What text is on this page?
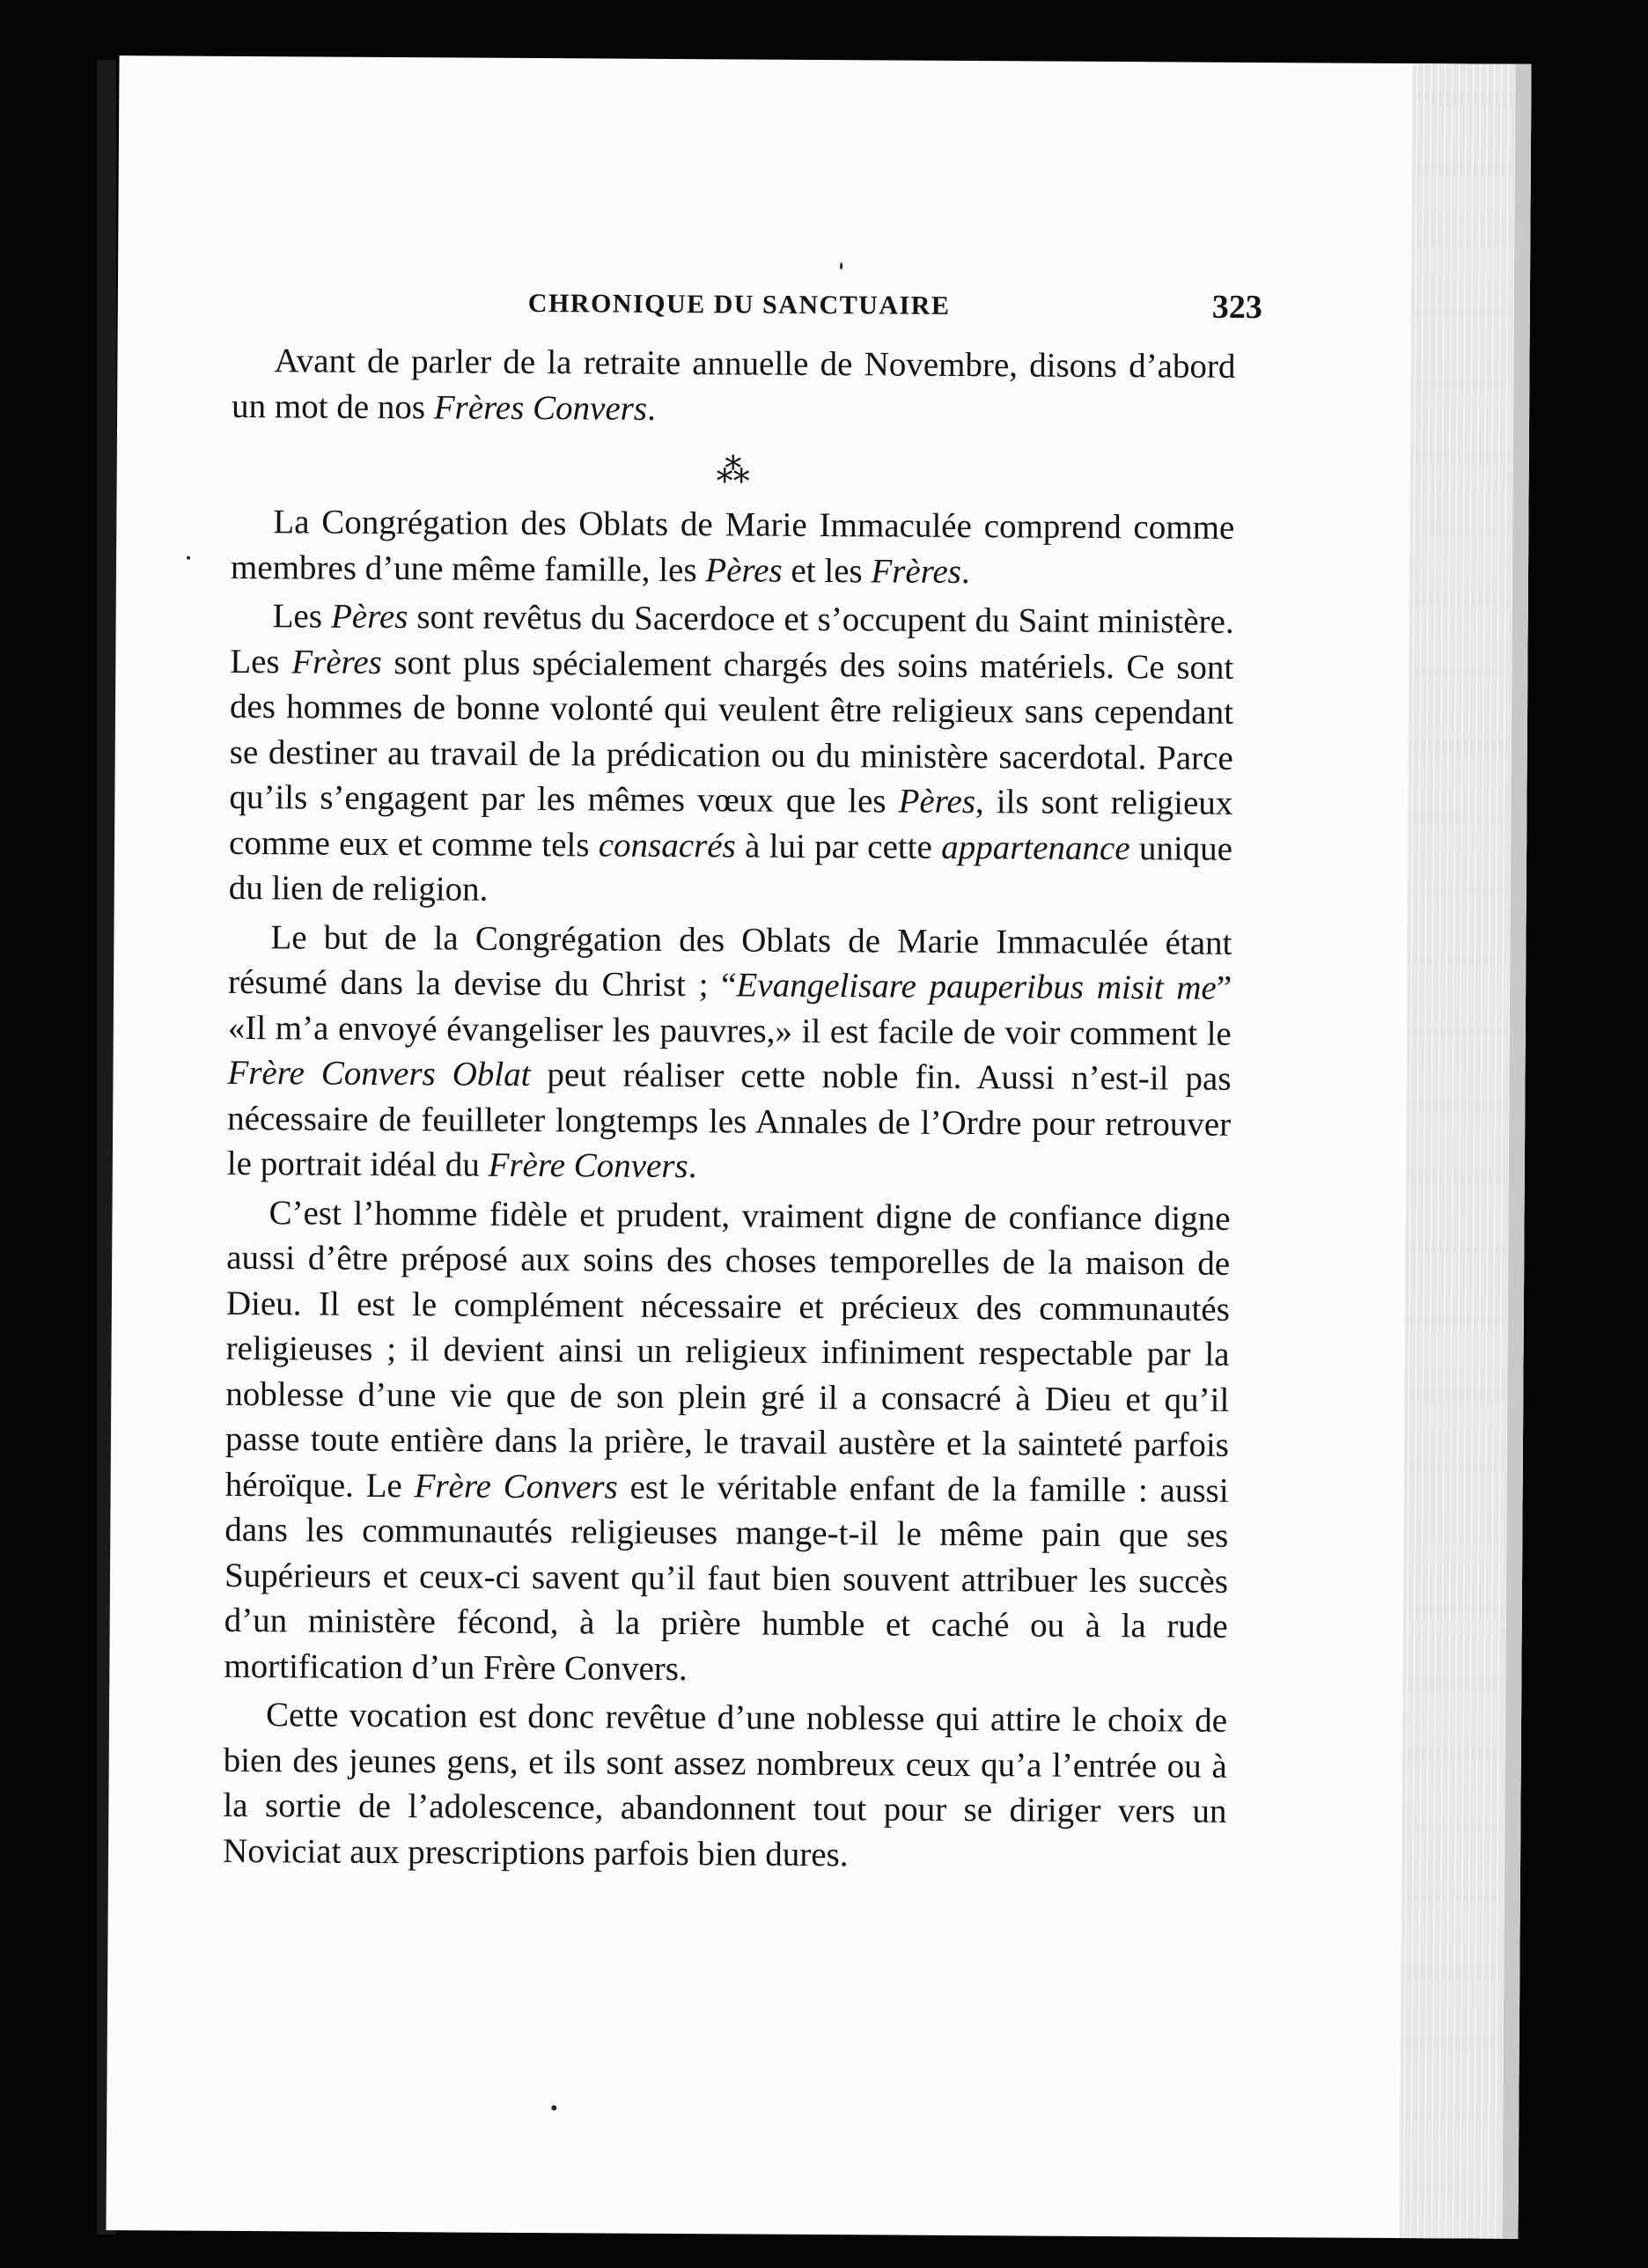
CHRONIQUE DU SANCTUAIRE	323

Avant de parler de la retraite annuelle de Novembre, disons d’abord un mot de nos Frères Convers.

⁂

La Congrégation des Oblats de Marie Immaculée comprend comme membres d’une même famille, les Pères et les Frères.

Les Pères sont revêtus du Sacerdoce et s’occupent du Saint ministère. Les Frères sont plus spécialement chargés des soins matériels. Ce sont des hommes de bonne volonté qui veulent être religieux sans cependant se destiner au travail de la prédication ou du ministère sacerdotal. Parce qu’ils s’engagent par les mêmes vœux que les Pères, ils sont religieux comme eux et comme tels consacrés à lui par cette appartenance unique du lien de religion.

Le but de la Congrégation des Oblats de Marie Immaculée étant résumé dans la devise du Christ ; “Evangelisare pauperibus misit me” «Il m’a envoyé évangeliser les pauvres,» il est facile de voir comment le Frère Convers Oblat peut réaliser cette noble fin. Aussi n’est-il pas nécessaire de feuilleter longtemps les Annales de l’Ordre pour retrouver le portrait idéal du Frère Convers.

C’est l’homme fidèle et prudent, vraiment digne de confiance digne aussi d’être préposé aux soins des choses temporelles de la maison de Dieu. Il est le complément nécessaire et précieux des communautés religieuses ; il devient ainsi un religieux infiniment respectable par la noblesse d’une vie que de son plein gré il a consacré à Dieu et qu’il passe toute entière dans la prière, le travail austère et la sainteté parfois héroïque. Le Frère Convers est le véritable enfant de la famille : aussi dans les communautés religieuses mange-t-il le même pain que ses Supérieurs et ceux-ci savent qu’il faut bien souvent attribuer les succès d’un ministère fécond, à la prière humble et caché ou à la rude mortification d’un Frère Convers.

Cette vocation est donc revêtue d’une noblesse qui attire le choix de bien des jeunes gens, et ils sont assez nombreux ceux qu’a l’entrée ou à la sortie de l’adolescence, abandonnent tout pour se diriger vers un Noviciat aux prescriptions parfois bien dures.
